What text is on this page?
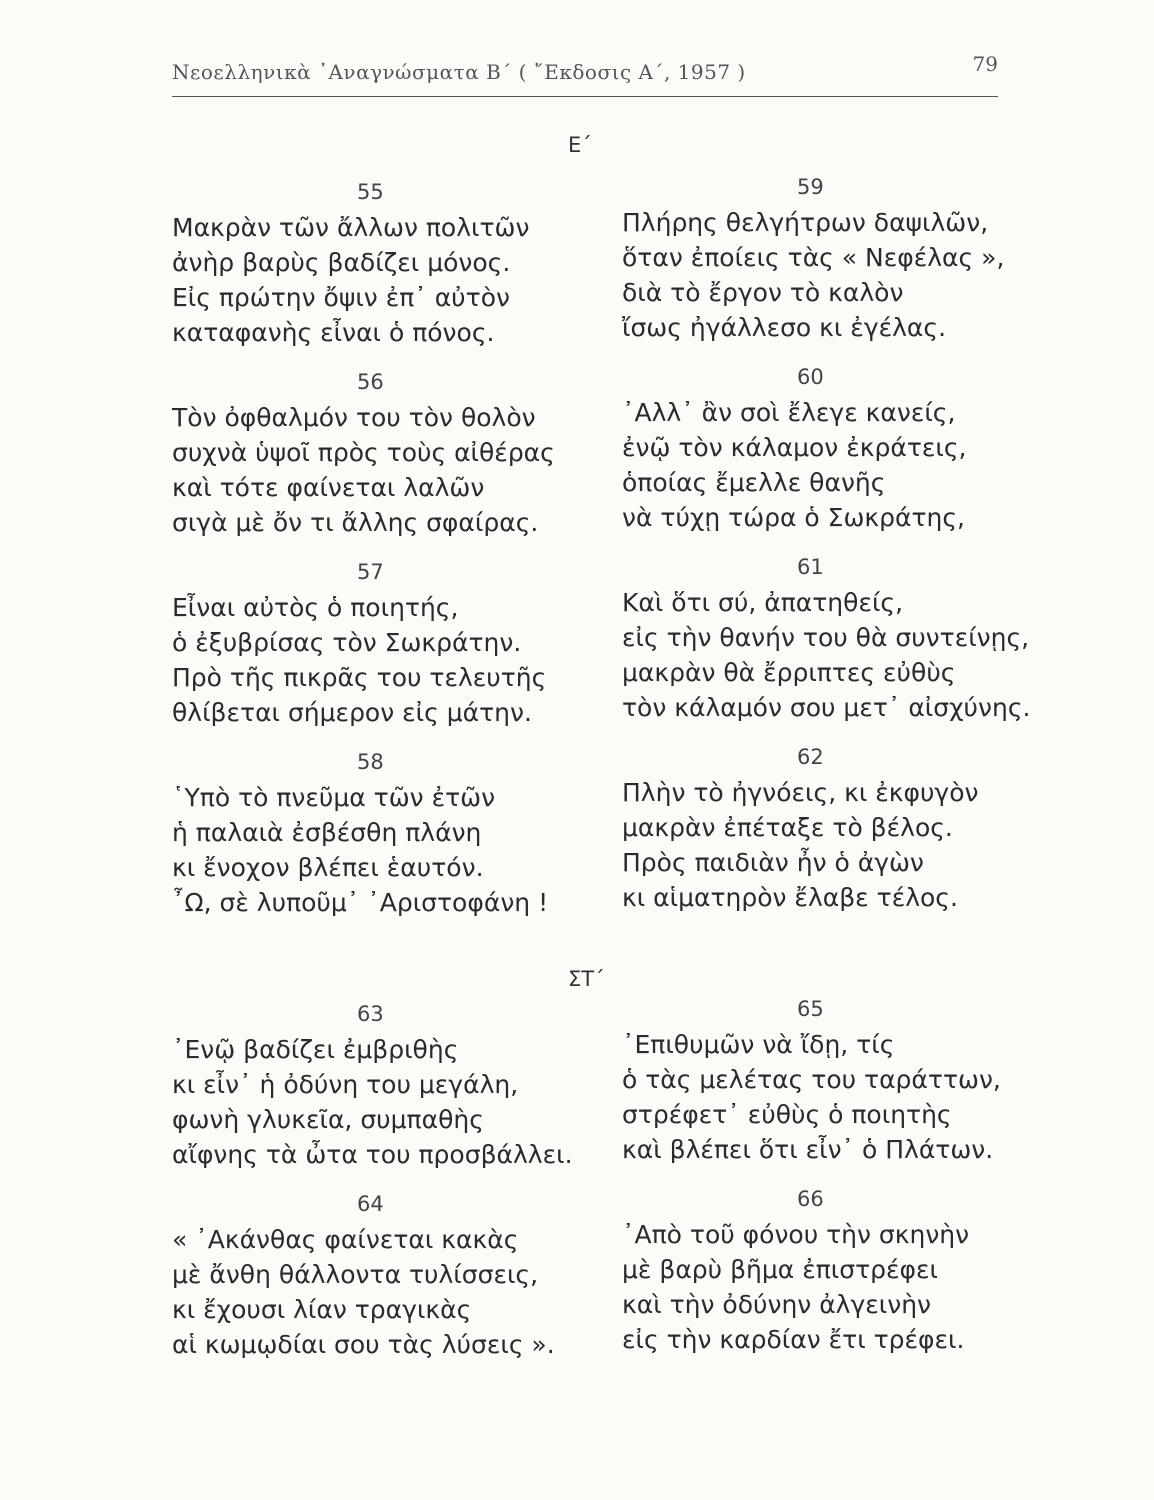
Νεοελληνικὰ ᾿Αναγνώσματα Β΄ ( ῎Εκδοσις Α΄, 1957 )	79
Ε΄
55
Μακρὰν τῶν ἄλλων πολιτῶν
ἀνὴρ βαρὺς βαδίζει μόνος.
Εἰς πρώτην ὄψιν ἐπ᾿ αὐτὸν
καταφανὴς εἶναι ὁ πόνος.
56
Τὸν ὀφθαλμόν του τὸν θολὸν
συχνὰ ὑψοῖ πρὸς τοὺς αἰθέρας
καὶ τότε φαίνεται λαλῶν
σιγὰ μὲ ὄν τι ἄλλης σφαίρας.
57
Εἶναι αὐτὸς ὁ ποιητής,
ὁ ἐξυβρίσας τὸν Σωκράτην.
Πρὸ τῆς πικρᾶς του τελευτῆς
θλίβεται σήμερον εἰς μάτην.
58
῾Υπὸ τὸ πνεῦμα τῶν ἐτῶν
ἡ παλαιὰ ἐσβέσθη πλάνη
κι ἔνοχον βλέπει ἑαυτόν.
῏Ω, σὲ λυποῦμ᾿ ᾿Αριστοφάνη !
59
Πλήρης θελγήτρων δαψιλῶν,
ὅταν ἐποίεις τὰς « Νεφέλας »,
διὰ τὸ ἔργον τὸ καλὸν
ἴσως ἠγάλλεσο κι ἐγέλας.
60
᾿Αλλ᾿ ἂν σοὶ ἔλεγε κανείς,
ἐνῷ τὸν κάλαμον ἐκράτεις,
ὁποίας ἔμελλε θανῆς
νὰ τύχῃ τώρα ὁ Σωκράτης,
61
Καὶ ὅτι σύ, ἀπατηθείς,
εἰς τὴν θανήν του θὰ συντείνῃς,
μακρὰν θὰ ἔρριπτες εὐθὺς
τὸν κάλαμόν σου μετ᾿ αἰσχύνης.
62
Πλὴν τὸ ἠγνόεις, κι ἐκφυγὸν
μακρὰν ἐπέταξε τὸ βέλος.
Πρὸς παιδιὰν ἦν ὁ ἀγὼν
κι αἱματηρὸν ἔλαβε τέλος.
ΣΤ΄
63
᾿Ενῷ βαδίζει ἐμβριθὴς
κι εἶν᾿ ἡ ὀδύνη του μεγάλη,
φωνὴ γλυκεῖα, συμπαθὴς
αἴφνης τὰ ὦτα του προσβάλλει.
64
« ᾿Ακάνθας φαίνεται κακὰς
μὲ ἄνθη θάλλοντα τυλίσσεις,
κι ἔχουσι λίαν τραγικὰς
αἱ κωμῳδίαι σου τὰς λύσεις ».
65
᾿Επιθυμῶν νὰ ἴδῃ, τίς
ὁ τὰς μελέτας του ταράττων,
στρέφετ᾿ εὐθὺς ὁ ποιητὴς
καὶ βλέπει ὅτι εἶν᾿ ὁ Πλάτων.
66
᾿Απὸ τοῦ φόνου τὴν σκηνὴν
μὲ βαρὺ βῆμα ἐπιστρέφει
καὶ τὴν ὀδύνην ἀλγεινὴν
εἰς τὴν καρδίαν ἔτι τρέφει.
